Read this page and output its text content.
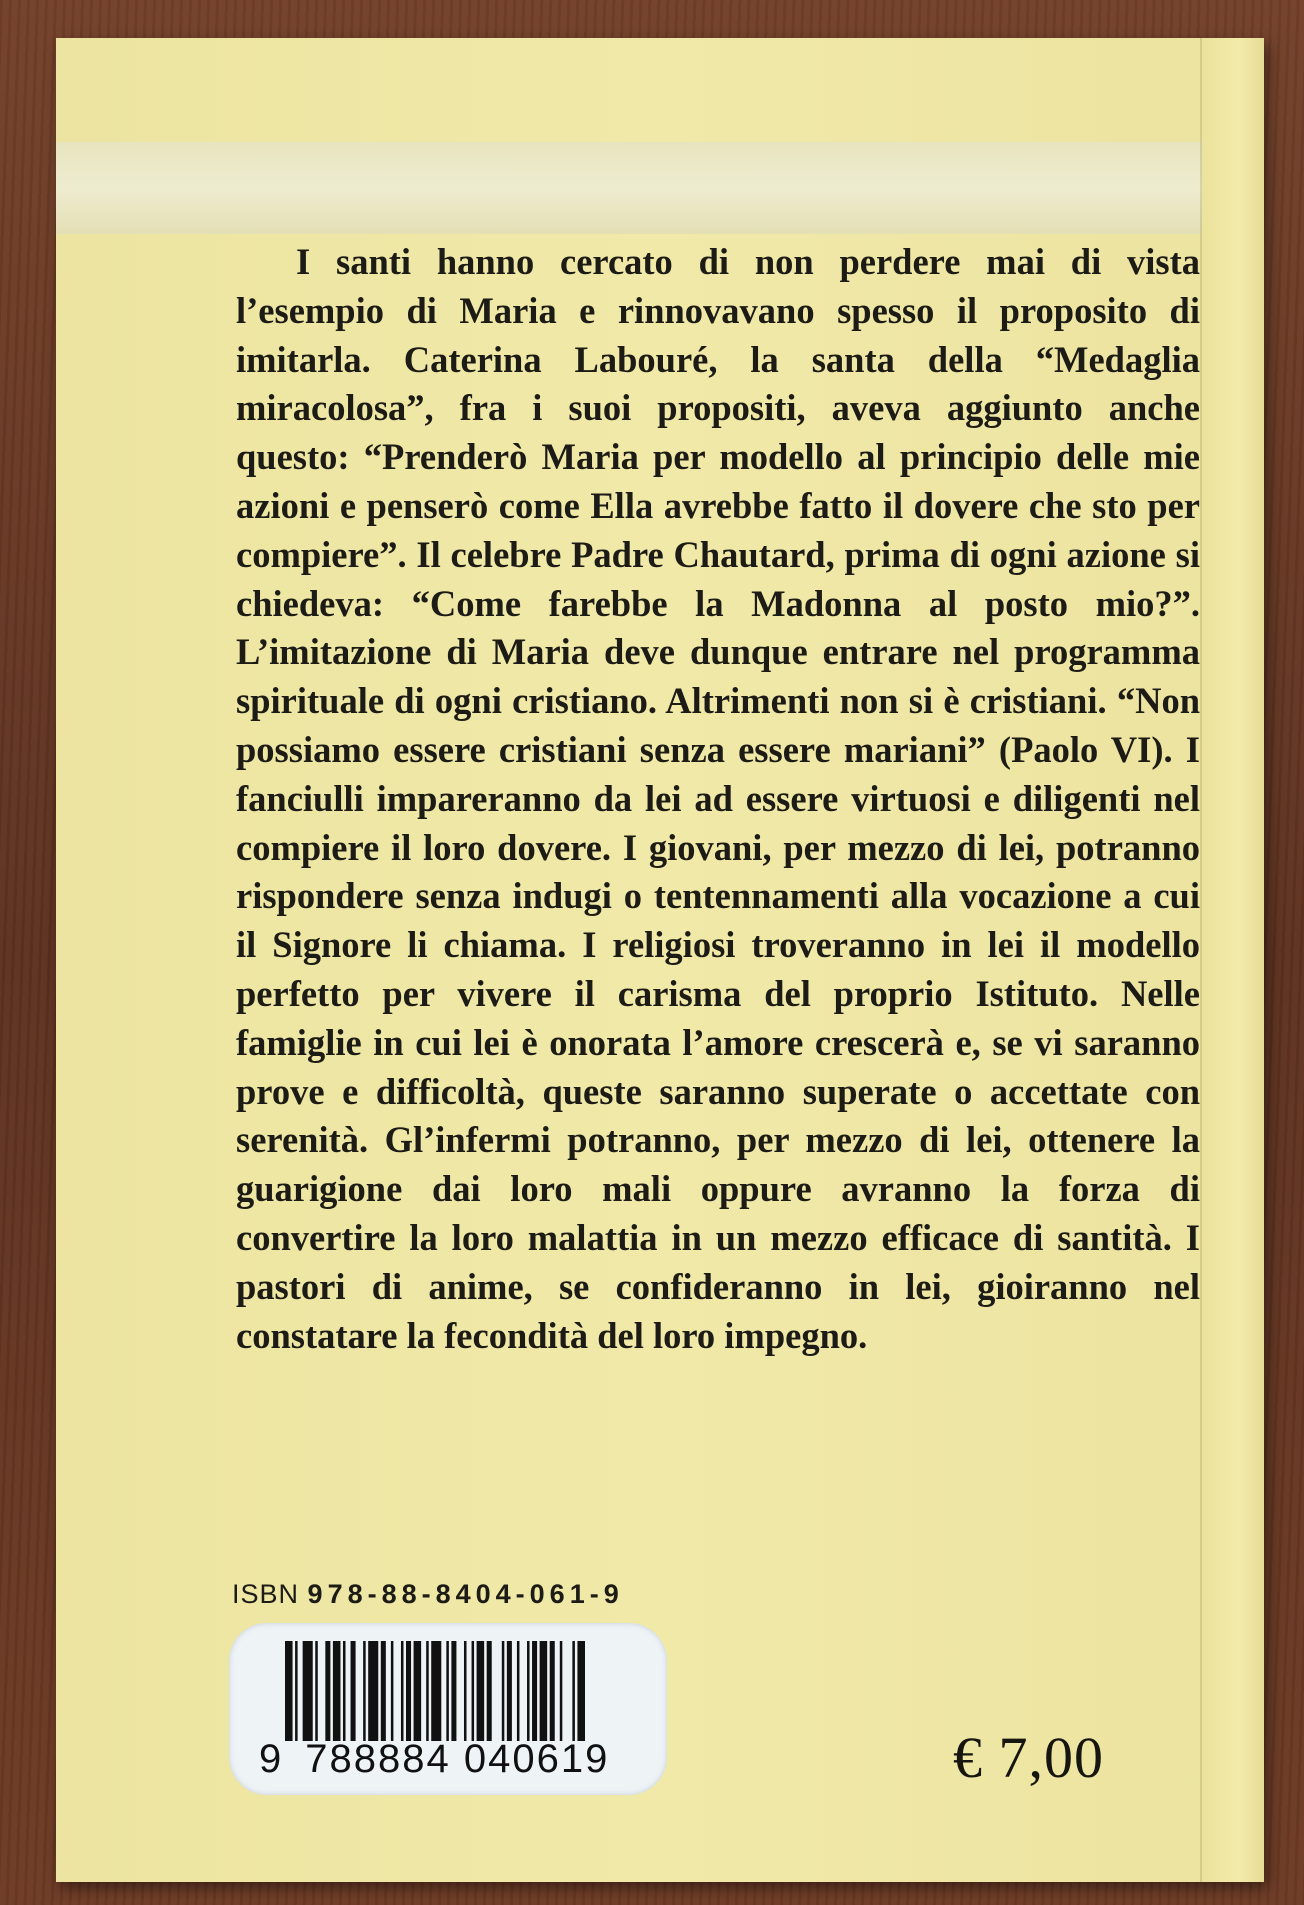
I santi hanno cercato di non perdere mai di vista l’esempio di Maria e rinnovavano spesso il proposito di imitarla. Caterina Labouré, la santa della “Medaglia miracolosa”, fra i suoi propositi, aveva aggiunto anche questo: “Prenderò Maria per modello al principio delle mie azioni e penserò come Ella avrebbe fatto il dovere che sto per compiere”. Il celebre Padre Chautard, prima di ogni azione si chiedeva: “Come farebbe la Madonna al posto mio?”. L’imitazione di Maria deve dunque entrare nel programma spirituale di ogni cristiano. Altrimenti non si è cristiani. “Non possiamo essere cristiani senza essere mariani” (Paolo VI). I fanciulli impareranno da lei ad essere virtuosi e diligenti nel compiere il loro dovere. I giovani, per mezzo di lei, potranno rispondere senza indugi o tentennamenti alla vocazione a cui il Signore li chiama. I religiosi troveranno in lei il modello perfetto per vivere il carisma del proprio Istituto. Nelle famiglie in cui lei è onorata l’amore crescerà e, se vi saranno prove e difficoltà, queste saranno superate o accettate con serenità. Gl’infermi potranno, per mezzo di lei, ottenere la guarigione dai loro mali oppure avranno la forza di convertire la loro malattia in un mezzo efficace di santità. I pastori di anime, se confideranno in lei, gioiranno nel constatare la fecondità del loro impegno.

ISBN 978-88-8404-061-9
9 788884 040619	€ 7,00
